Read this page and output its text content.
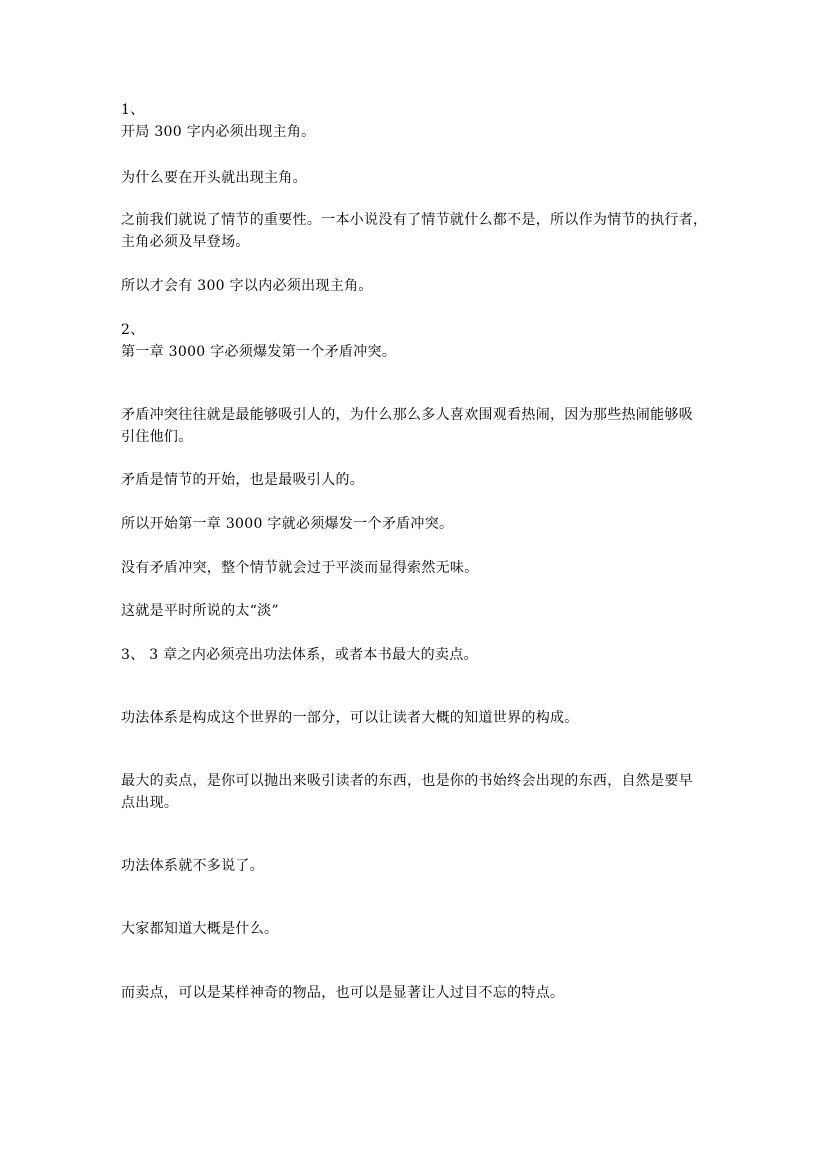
1、
开局 300 字内必须出现主角。
为什么要在开头就出现主角。
之前我们就说了情节的重要性。一本小说没有了情节就什么都不是，所以作为情节的执行者，
主角必须及早登场。
所以才会有 300 字以内必须出现主角。
2、
第一章 3000 字必须爆发第一个矛盾冲突。
矛盾冲突往往就是最能够吸引人的，为什么那么多人喜欢围观看热闹，因为那些热闹能够吸
引住他们。
矛盾是情节的开始，也是最吸引人的。
所以开始第一章 3000 字就必须爆发一个矛盾冲突。
没有矛盾冲突，整个情节就会过于平淡而显得索然无味。
这就是平时所说的太“淡”
3、 3 章之内必须亮出功法体系，或者本书最大的卖点。
功法体系是构成这个世界的一部分，可以让读者大概的知道世界的构成。
最大的卖点，是你可以抛出来吸引读者的东西，也是你的书始终会出现的东西，自然是要早
点出现。
功法体系就不多说了。
大家都知道大概是什么。
而卖点，可以是某样神奇的物品，也可以是显著让人过目不忘的特点。
